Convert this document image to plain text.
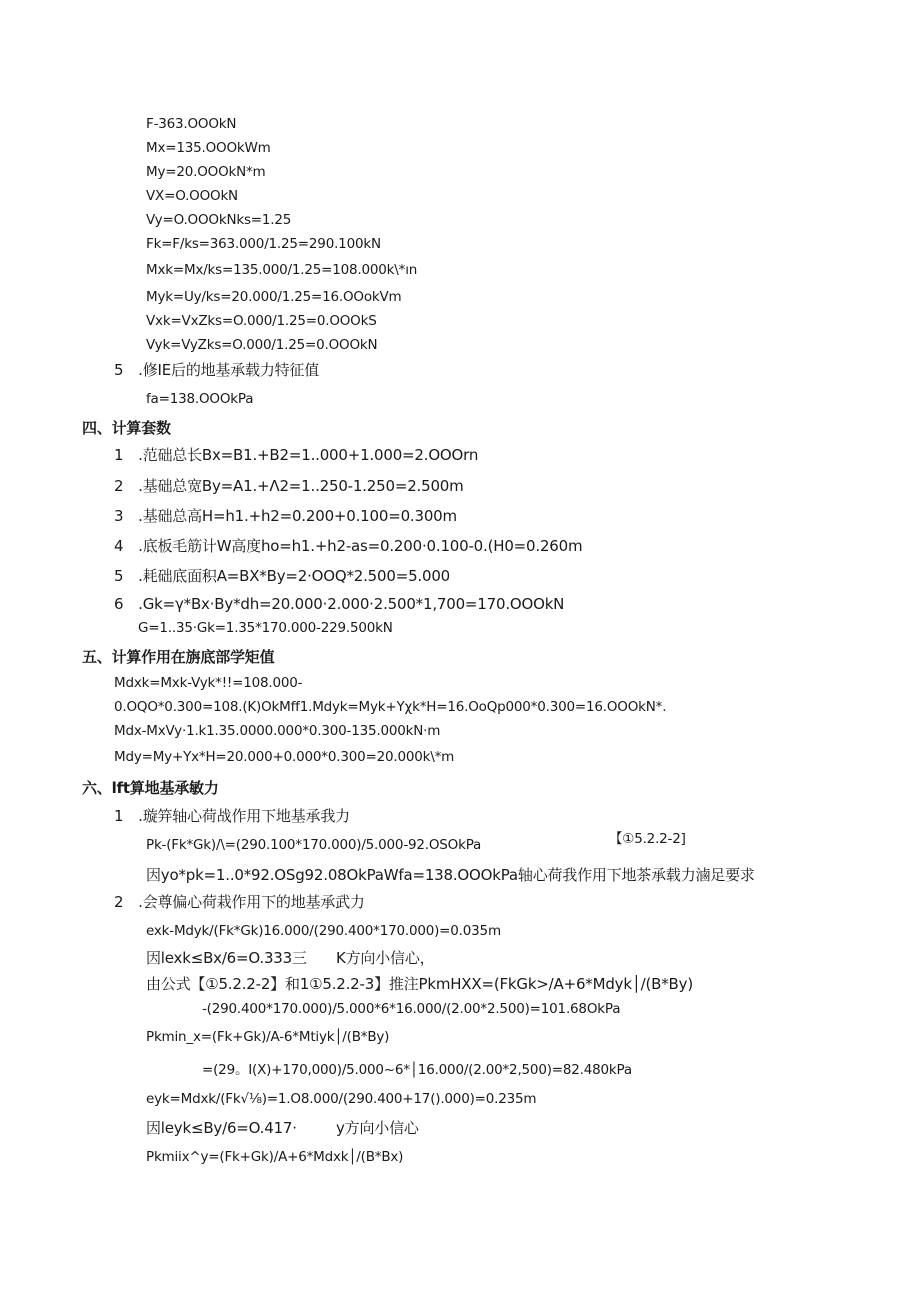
F-363.OOOkN
Mx=135.OOOkWm
My=20.OOOkN*m
VX=O.OOOkN
Vy=O.OOOkNks=1.25
Fk=F/ks=363.000/1.25=290.100kN
Mxk=Mx/ks=135.000/1.25=108.000k\*ın
Myk=Uy/ks=20.000/1.25=16.OOokVm
Vxk=VxZks=O.000/1.25=0.OOOkS
Vyk=VyZks=O.000/1.25=0.OOOkN
5　.修IE后的地基承载力特征值
fa=138.OOOkPa
四、计算套数
1　.范础总长Bx=B1.+B2=1..000+1.000=2.OOOrn
2　.基础总宽By=A1.+Λ2=1..250-1.250=2.500m
3　.基础总高H=h1.+h2=0.200+0.100=0.300m
4　.底板毛筋计W高度ho=h1.+h2-as=0.200·0.100-0.(H0=0.260m
5　.耗础底面积A=BX*By=2·OOQ*2.500=5.000
6　.Gk=γ*Bx·By*dh=20.000·2.000·2.500*1,700=170.OOOkN
G=1..35·Gk=1.35*170.000-229.500kN
五、计算作用在旃底部学矩值
Mdxk=Mxk-Vyk*!!=108.000-
0.OQO*0.300=108.(K)OkMff1.Mdyk=Myk+Yχk*H=16.OoQp000*0.300=16.OOOkN*.
Mdx-MxVy·1.k1.35.0000.000*0.300-135.000kN·m
Mdy=My+Yx*H=20.000+0.000*0.300=20.000k\*m
六、lft算地基承敏力
1　.璇笄轴心荷战作用下地基承我力
Pk-(Fk*Gk)/\=(290.100*170.000)/5.000-92.OSOkPa	【①5.2.2-2]
因yo*pk=1..0*92.OSg92.08OkPaWfa=138.OOOkPa轴心荷我作用下地茶承载力滷足要求
2　.会尊偏心荷栽作用下的地基承武力
exk-Mdyk/(Fk*Gk)16.000/(290.400*170.000)=0.035m
因lexk≤Bx/6=O.333三 K方向小信心，
由公式【①5.2.2-2】和1①5.2.2-3】推注PkmHXX=(FkGk>/A+6*Mdyk│/(B*By)
-(290.400*170.000)/5.000*6*16.000/(2.00*2.500)=101.68OkPa
Pkmin_x=(Fk+Gk)/A-6*Mtiyk│/(B*By)
=(29。I(X)+170,000)/5.000~6*│16.000/(2.00*2,500)=82.480kPa
eyk=Mdxk/(Fk√⅛)=1.O8.000/(290.400+17().000)=0.235m
因leyk≤By/6=O.417·	y方向小信心
Pkmiix^y=(Fk+Gk)/A+6*Mdxk│/(B*Bx)
